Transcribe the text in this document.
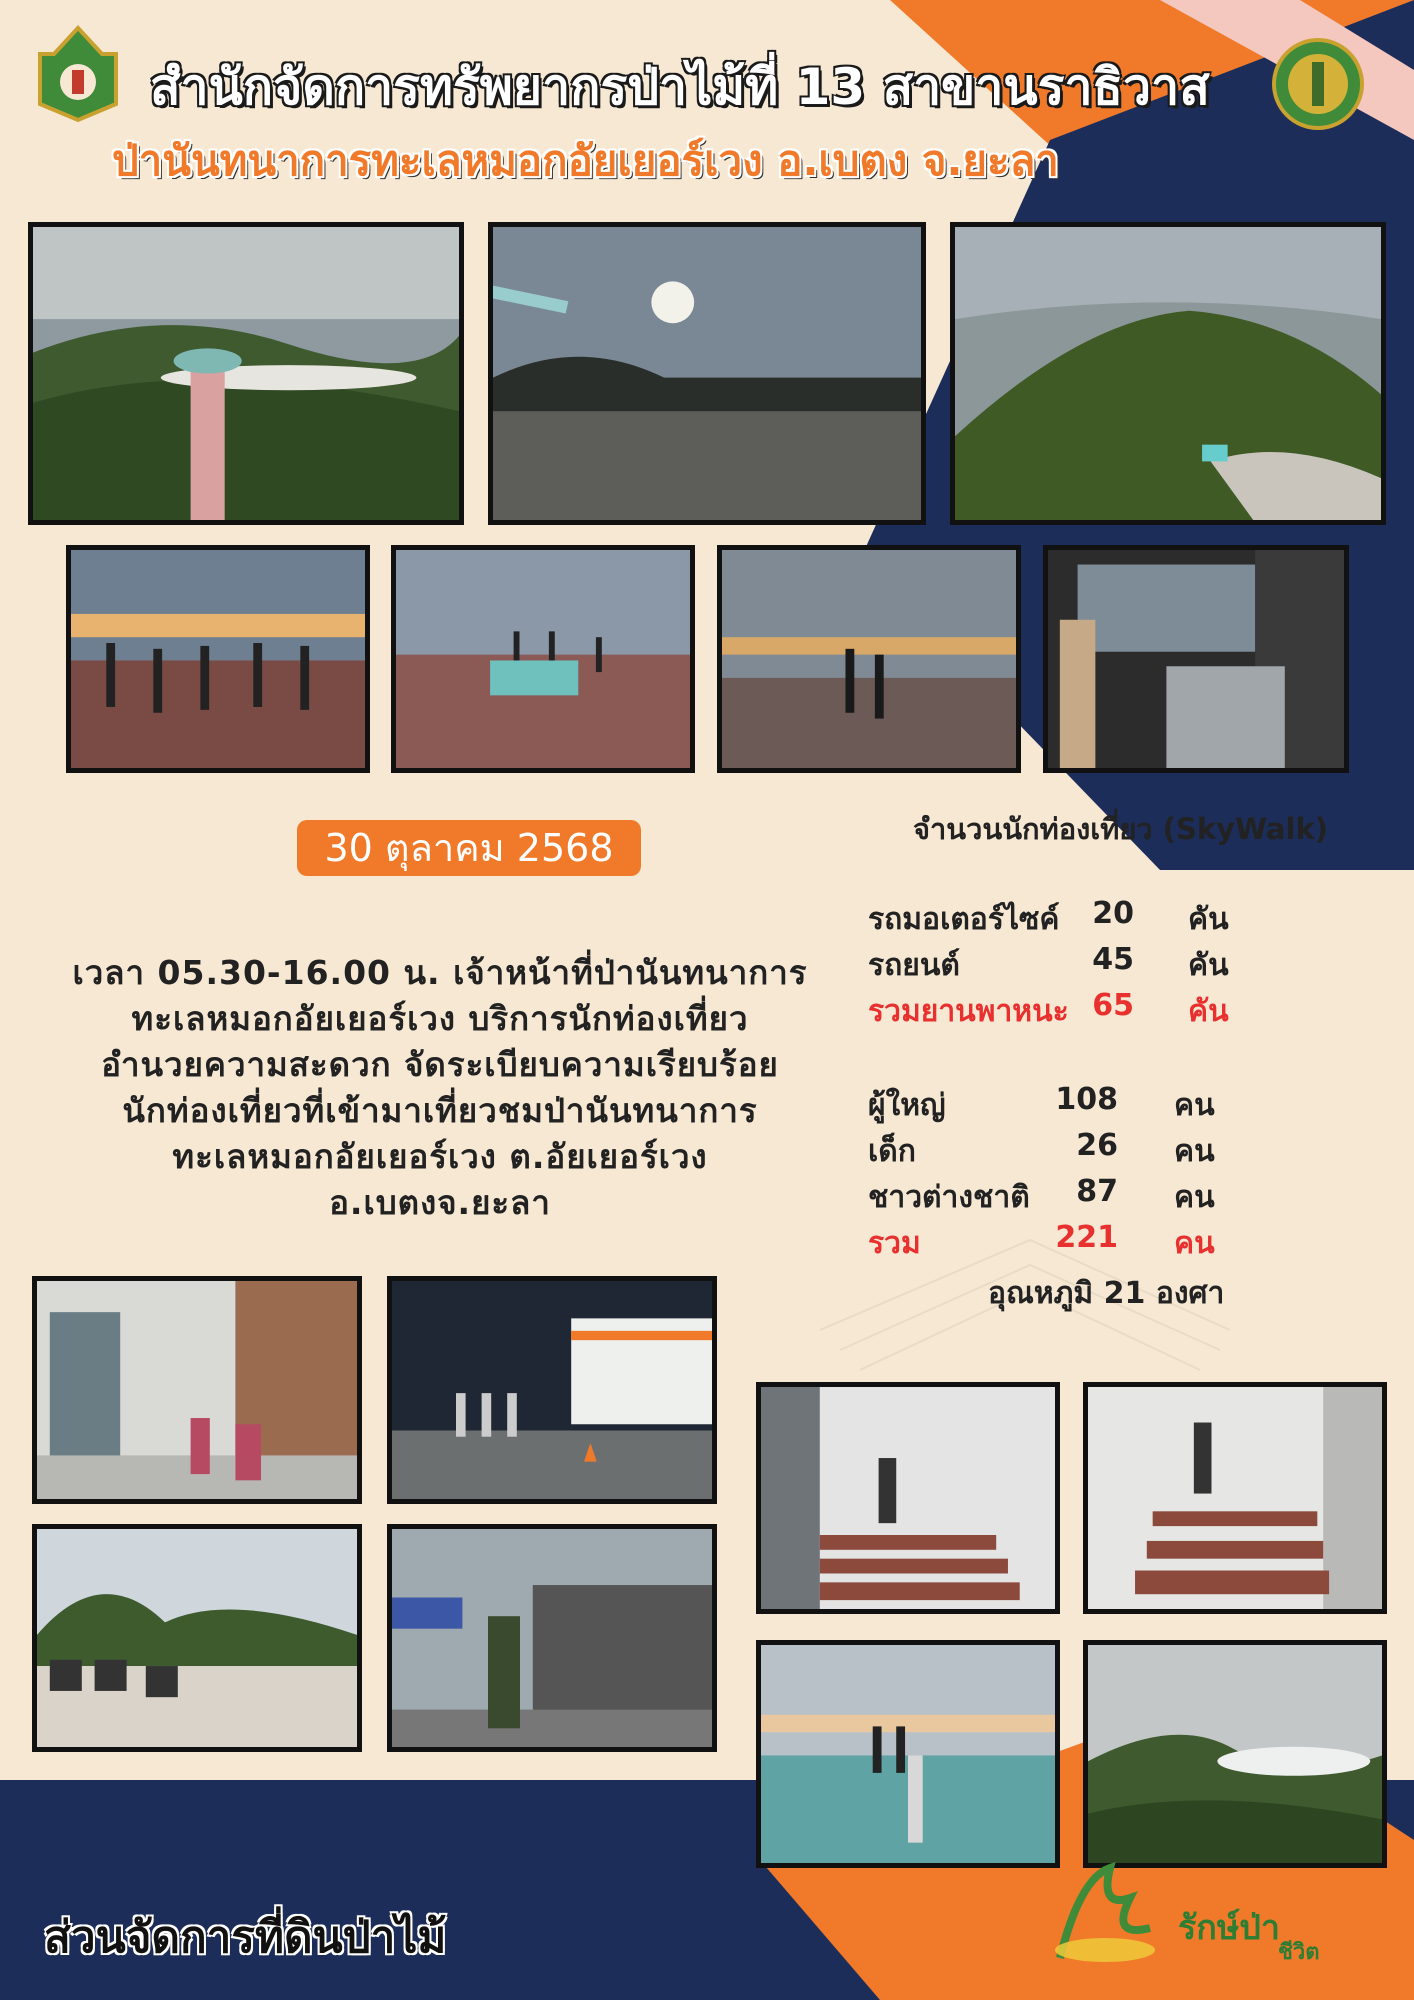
สำนักจัดการทรัพยากรป่าไม้ที่ 13 สาขานราธิวาส
ป่านันทนาการทะเลหมอกอัยเยอร์เวง อ.เบตง จ.ยะลา
30 ตุลาคม 2568	จำนวนนักท่องเที่ยว (SkyWalk)
เวลา 05.30-16.00 น. เจ้าหน้าที่ป่านันทนาการ
ทะเลหมอกอัยเยอร์เวง บริการนักท่องเที่ยว
อำนวยความสะดวก จัดระเบียบความเรียบร้อย
นักท่องเที่ยวที่เข้ามาเที่ยวชมป่านันทนาการ
ทะเลหมอกอัยเยอร์เวง ต.อัยเยอร์เวง
อ.เบตงจ.ยะลา
รถมอเตอร์ไซค์	20 คัน
รถยนต์	45 คัน
รวมยานพาหนะ 65 คัน
ผู้ใหญ่	108 คน
เด็ก	26 คน
ชาวต่างชาติ	87 คน
รวม	221 คน
อุณหภูมิ 21 องศา
ส่วนจัดการที่ดินป่าไม้	รักษ์ป่า
ชีวิต
